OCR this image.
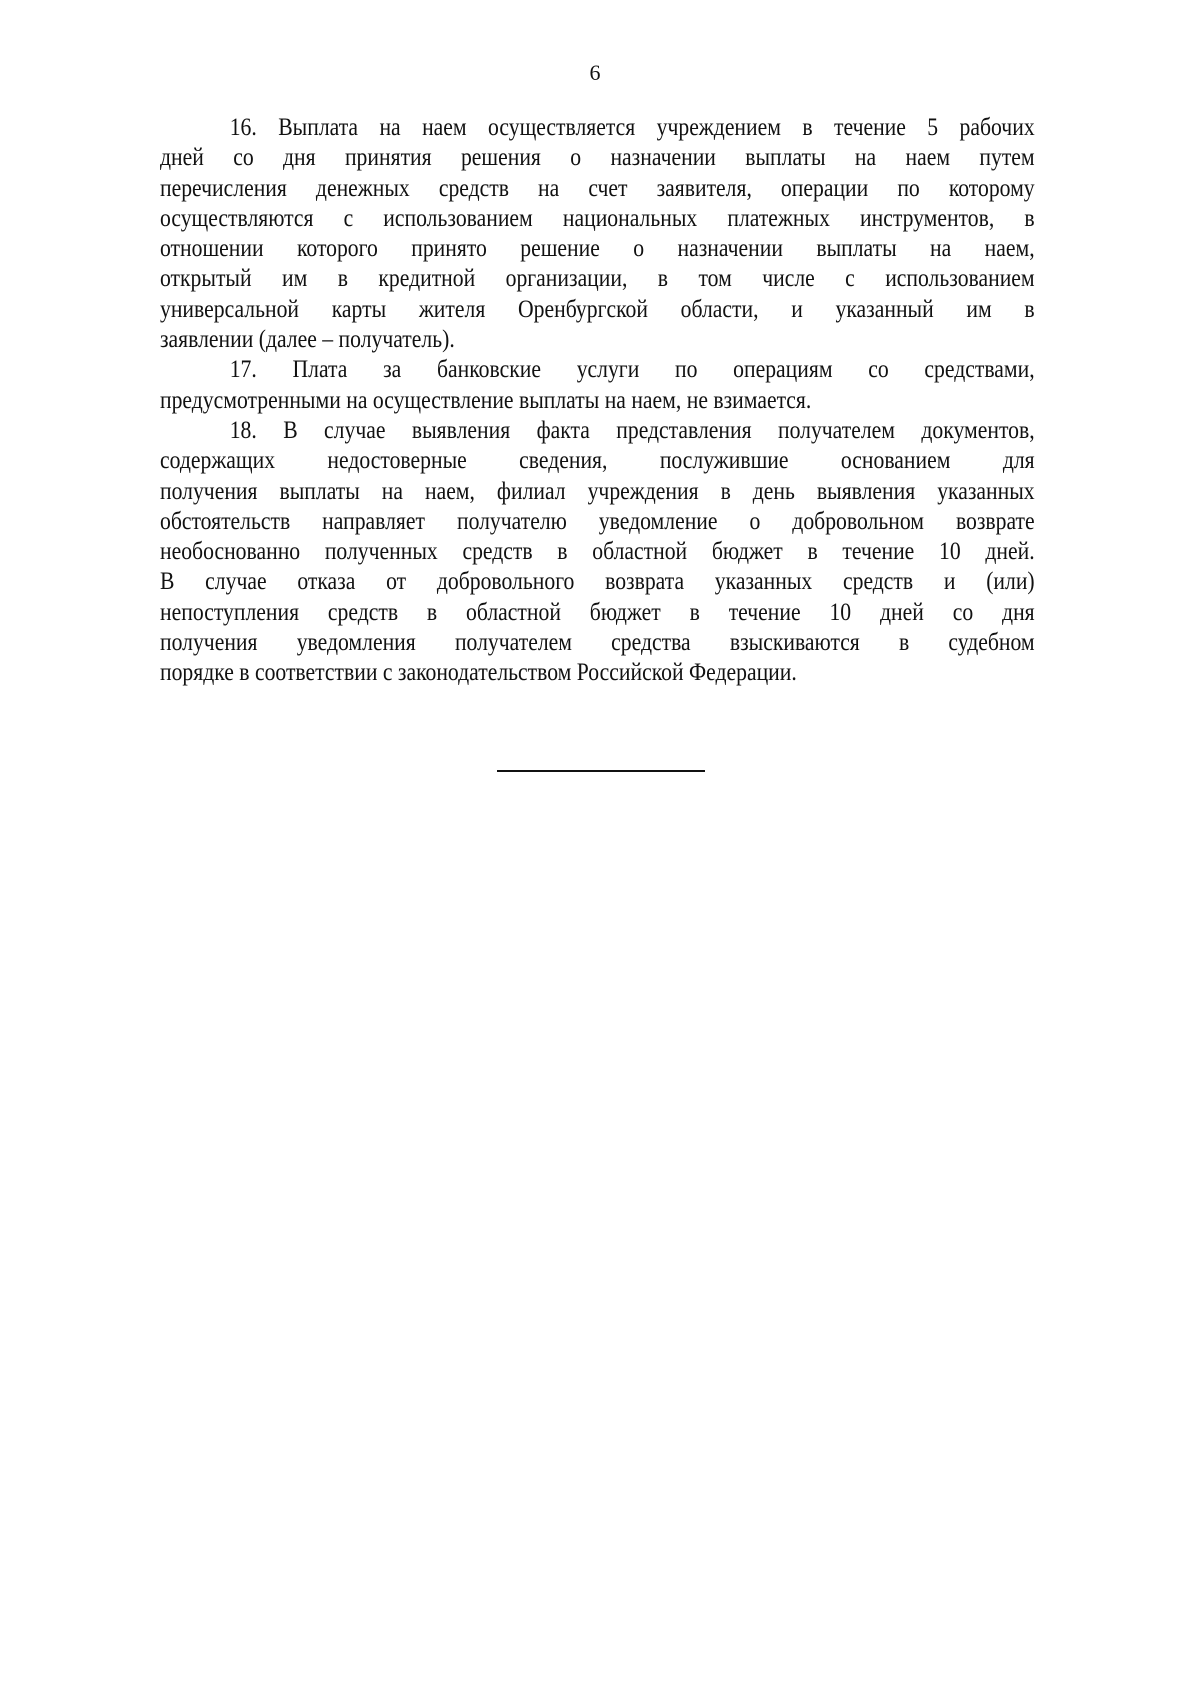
6
16. Выплата на наем осуществляется учреждением в течение 5 рабочих
дней со дня принятия решения о назначении выплаты на наем путем
перечисления денежных средств на счет заявителя, операции по которому
осуществляются с использованием национальных платежных инструментов, в
отношении которого принято решение о назначении выплаты на наем,
открытый им в кредитной организации, в том числе с использованием
универсальной карты жителя Оренбургской области, и указанный им в
заявлении (далее – получатель).
17. Плата за банковские услуги по операциям со средствами,
предусмотренными на осуществление выплаты на наем, не взимается.
18. В случае выявления факта представления получателем документов,
содержащих недостоверные сведения, послужившие основанием для
получения выплаты на наем, филиал учреждения в день выявления указанных
обстоятельств направляет получателю уведомление о добровольном возврате
необоснованно полученных средств в областной бюджет в течение 10 дней.
В случае отказа от добровольного возврата указанных средств и (или)
непоступления средств в областной бюджет в течение 10 дней со дня
получения уведомления получателем средства взыскиваются в судебном
порядке в соответствии с законодательством Российской Федерации.
